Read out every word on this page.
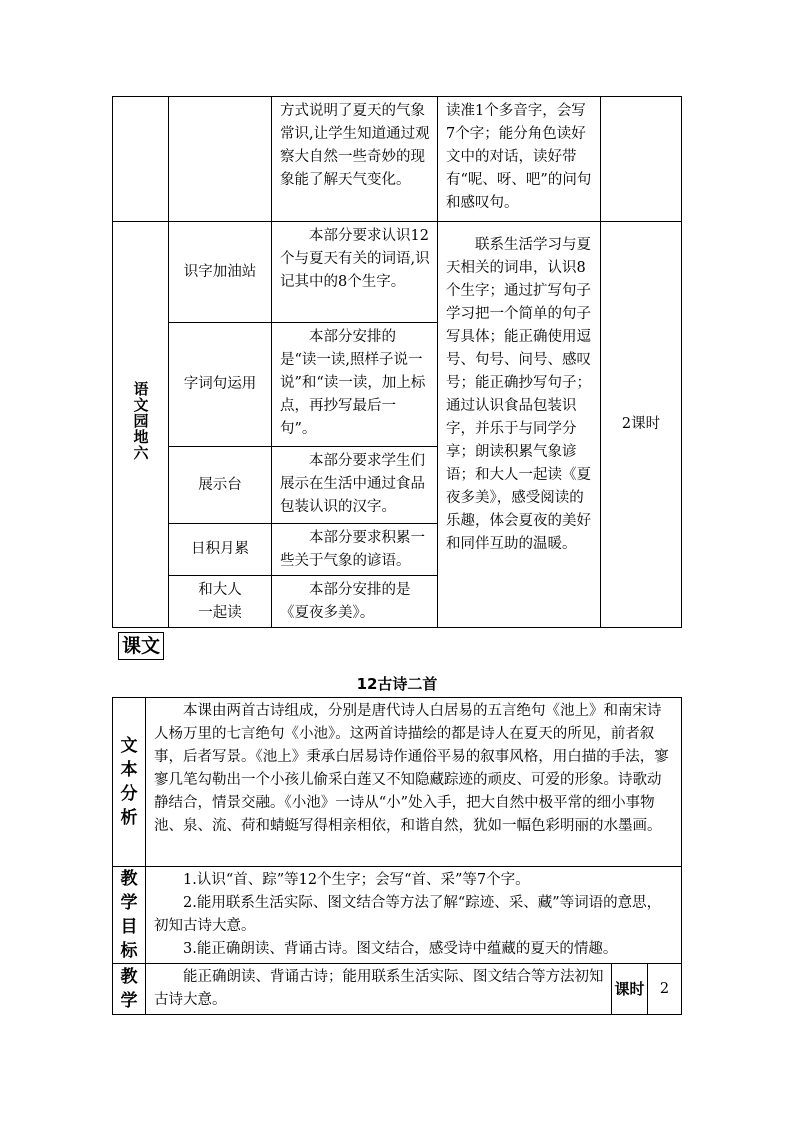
		方式说明了夏天的气象常识,让学生知道通过观察大自然一些奇妙的现象能了解天气变化。	读准1个多音字，会写7个字；能分角色读好文中的对话，读好带有“呢、呀、吧”的问句和感叹句。	
语文园地六	识字加油站	本部分要求认识12个与夏天有关的词语,识记其中的8个生字。	联系生活学习与夏天相关的词串，认识8个生字；通过扩写句子学习把一个简单的句子写具体；能正确使用逗号、句号、问号、感叹号；能正确抄写句子；通过认识食品包装识字，并乐于与同学分享；朗读积累气象谚语；和大人一起读《夏夜多美》，感受阅读的乐趣，体会夏夜的美好和同伴互助的温暖。	2课时
	字词句运用	本部分安排的是“读一读,照样子说一说”和“读一读，加上标点，再抄写最后一句”。		
	展示台	本部分要求学生们展示在生活中通过食品包装认识的汉字。		
	日积月累	本部分要求积累一些关于气象的谚语。		

	和大人
一起读	本部分安排的是《夏夜多美》。		
课文
12古诗二首
文本分析	本课由两首古诗组成，分别是唐代诗人白居易的五言绝句《池上》和南宋诗人杨万里的七言绝句《小池》。这两首诗描绘的都是诗人在夏天的所见，前者叙事，后者写景。《池上》秉承白居易诗作通俗平易的叙事风格，用白描的手法，寥寥几笔勾勒出一个小孩儿偷采白莲又不知隐藏踪迹的顽皮、可爱的形象。诗歌动静结合，情景交融。《小池》一诗从“小”处入手，把大自然中极平常的细小事物池、泉、流、荷和蜻蜓写得相亲相依，和谐自然，犹如一幅色彩明丽的水墨画。		
教学目标	1.认识“首、踪”等12个生字；会写“首、采”等7个字。
2.能用联系生活实际、图文结合等方法了解“踪迹、采、藏”等词语的意思，初知古诗大意。
3.能正确朗读、背诵古诗。图文结合，感受诗中蕴藏的夏天的情趣。		

教学	能正确朗读、背诵古诗；能用联系生活实际、图文结合等方法初知古诗大意。	课时	2
